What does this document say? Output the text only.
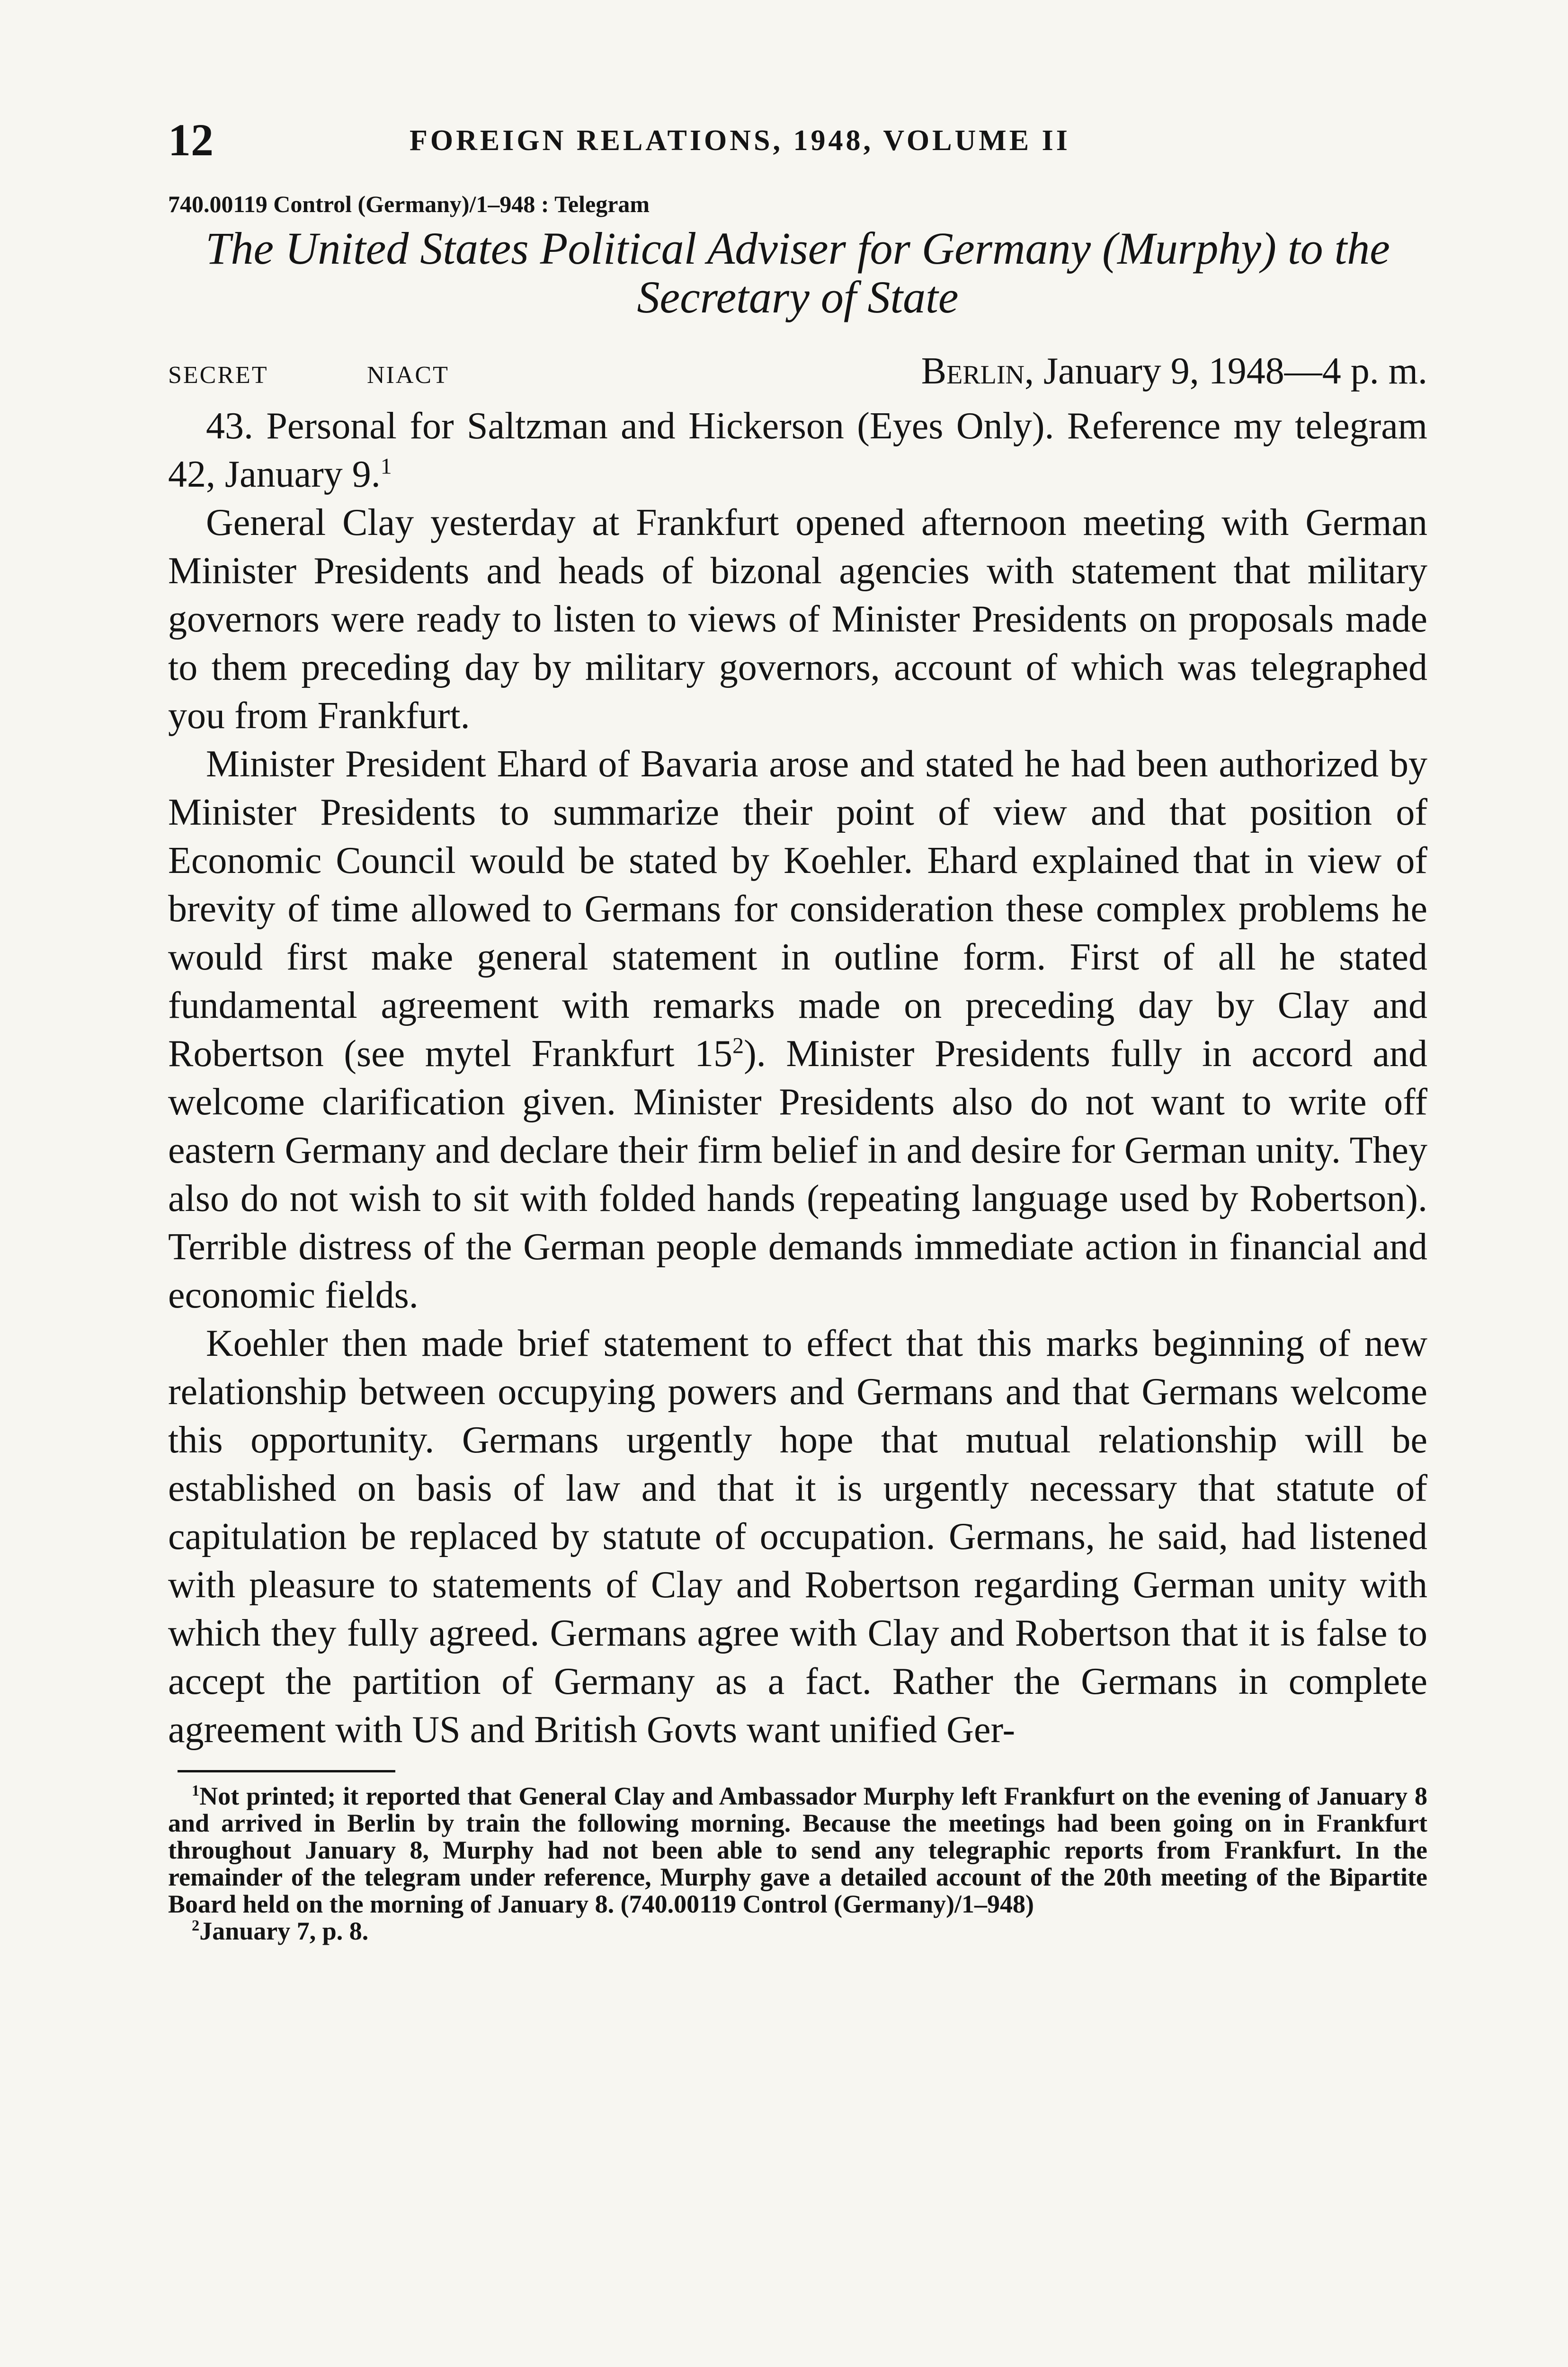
12	FOREIGN RELATIONS, 1948, VOLUME II
740.00119 Control (Germany)/1–948 : Telegram
The United States Political Adviser for Germany (Murphy) to the Secretary of State
SECRET	NIACT	Berlin, January 9, 1948—4 p. m.

43. Personal for Saltzman and Hickerson (Eyes Only). Reference my telegram 42, January 9.$^1$

General Clay yesterday at Frankfurt opened afternoon meeting with German Minister Presidents and heads of bizonal agencies with statement that military governors were ready to listen to views of Minister Presidents on proposals made to them preceding day by military governors, account of which was telegraphed you from Frankfurt.

Minister President Ehard of Bavaria arose and stated he had been authorized by Minister Presidents to summarize their point of view and that position of Economic Council would be stated by Koehler. Ehard explained that in view of brevity of time allowed to Germans for consideration these complex problems he would first make general statement in outline form. First of all he stated fundamental agreement with remarks made on preceding day by Clay and Robertson (see mytel Frankfurt $15^2$). Minister Presidents fully in accord and welcome clarification given. Minister Presidents also do not want to write off eastern Germany and declare their firm belief in and desire for German unity. They also do not wish to sit with folded hands (repeating language used by Robertson). Terrible distress of the German people demands immediate action in financial and economic fields.

Koehler then made brief statement to effect that this marks beginning of new relationship between occupying powers and Germans and that Germans welcome this opportunity. Germans urgently hope that mutual relationship will be established on basis of law and that it is urgently necessary that statute of capitulation be replaced by statute of occupation. Germans, he said, had listened with pleasure to statements of Clay and Robertson regarding German unity with which they fully agreed. Germans agree with Clay and Robertson that it is false to accept the partition of Germany as a fact. Rather the Germans in complete agreement with US and British Govts want unified Ger-

$^1$Not printed; it reported that General Clay and Ambassador Murphy left Frankfurt on the evening of January 8 and arrived in Berlin by train the following morning. Because the meetings had been going on in Frankfurt throughout January 8, Murphy had not been able to send any telegraphic reports from Frankfurt. In the remainder of the telegram under reference, Murphy gave a detailed account of the 20th meeting of the Bipartite Board held on the morning of January 8. (740.00119 Control (Germany)/1–948)

$^2$January 7, p. 8.
